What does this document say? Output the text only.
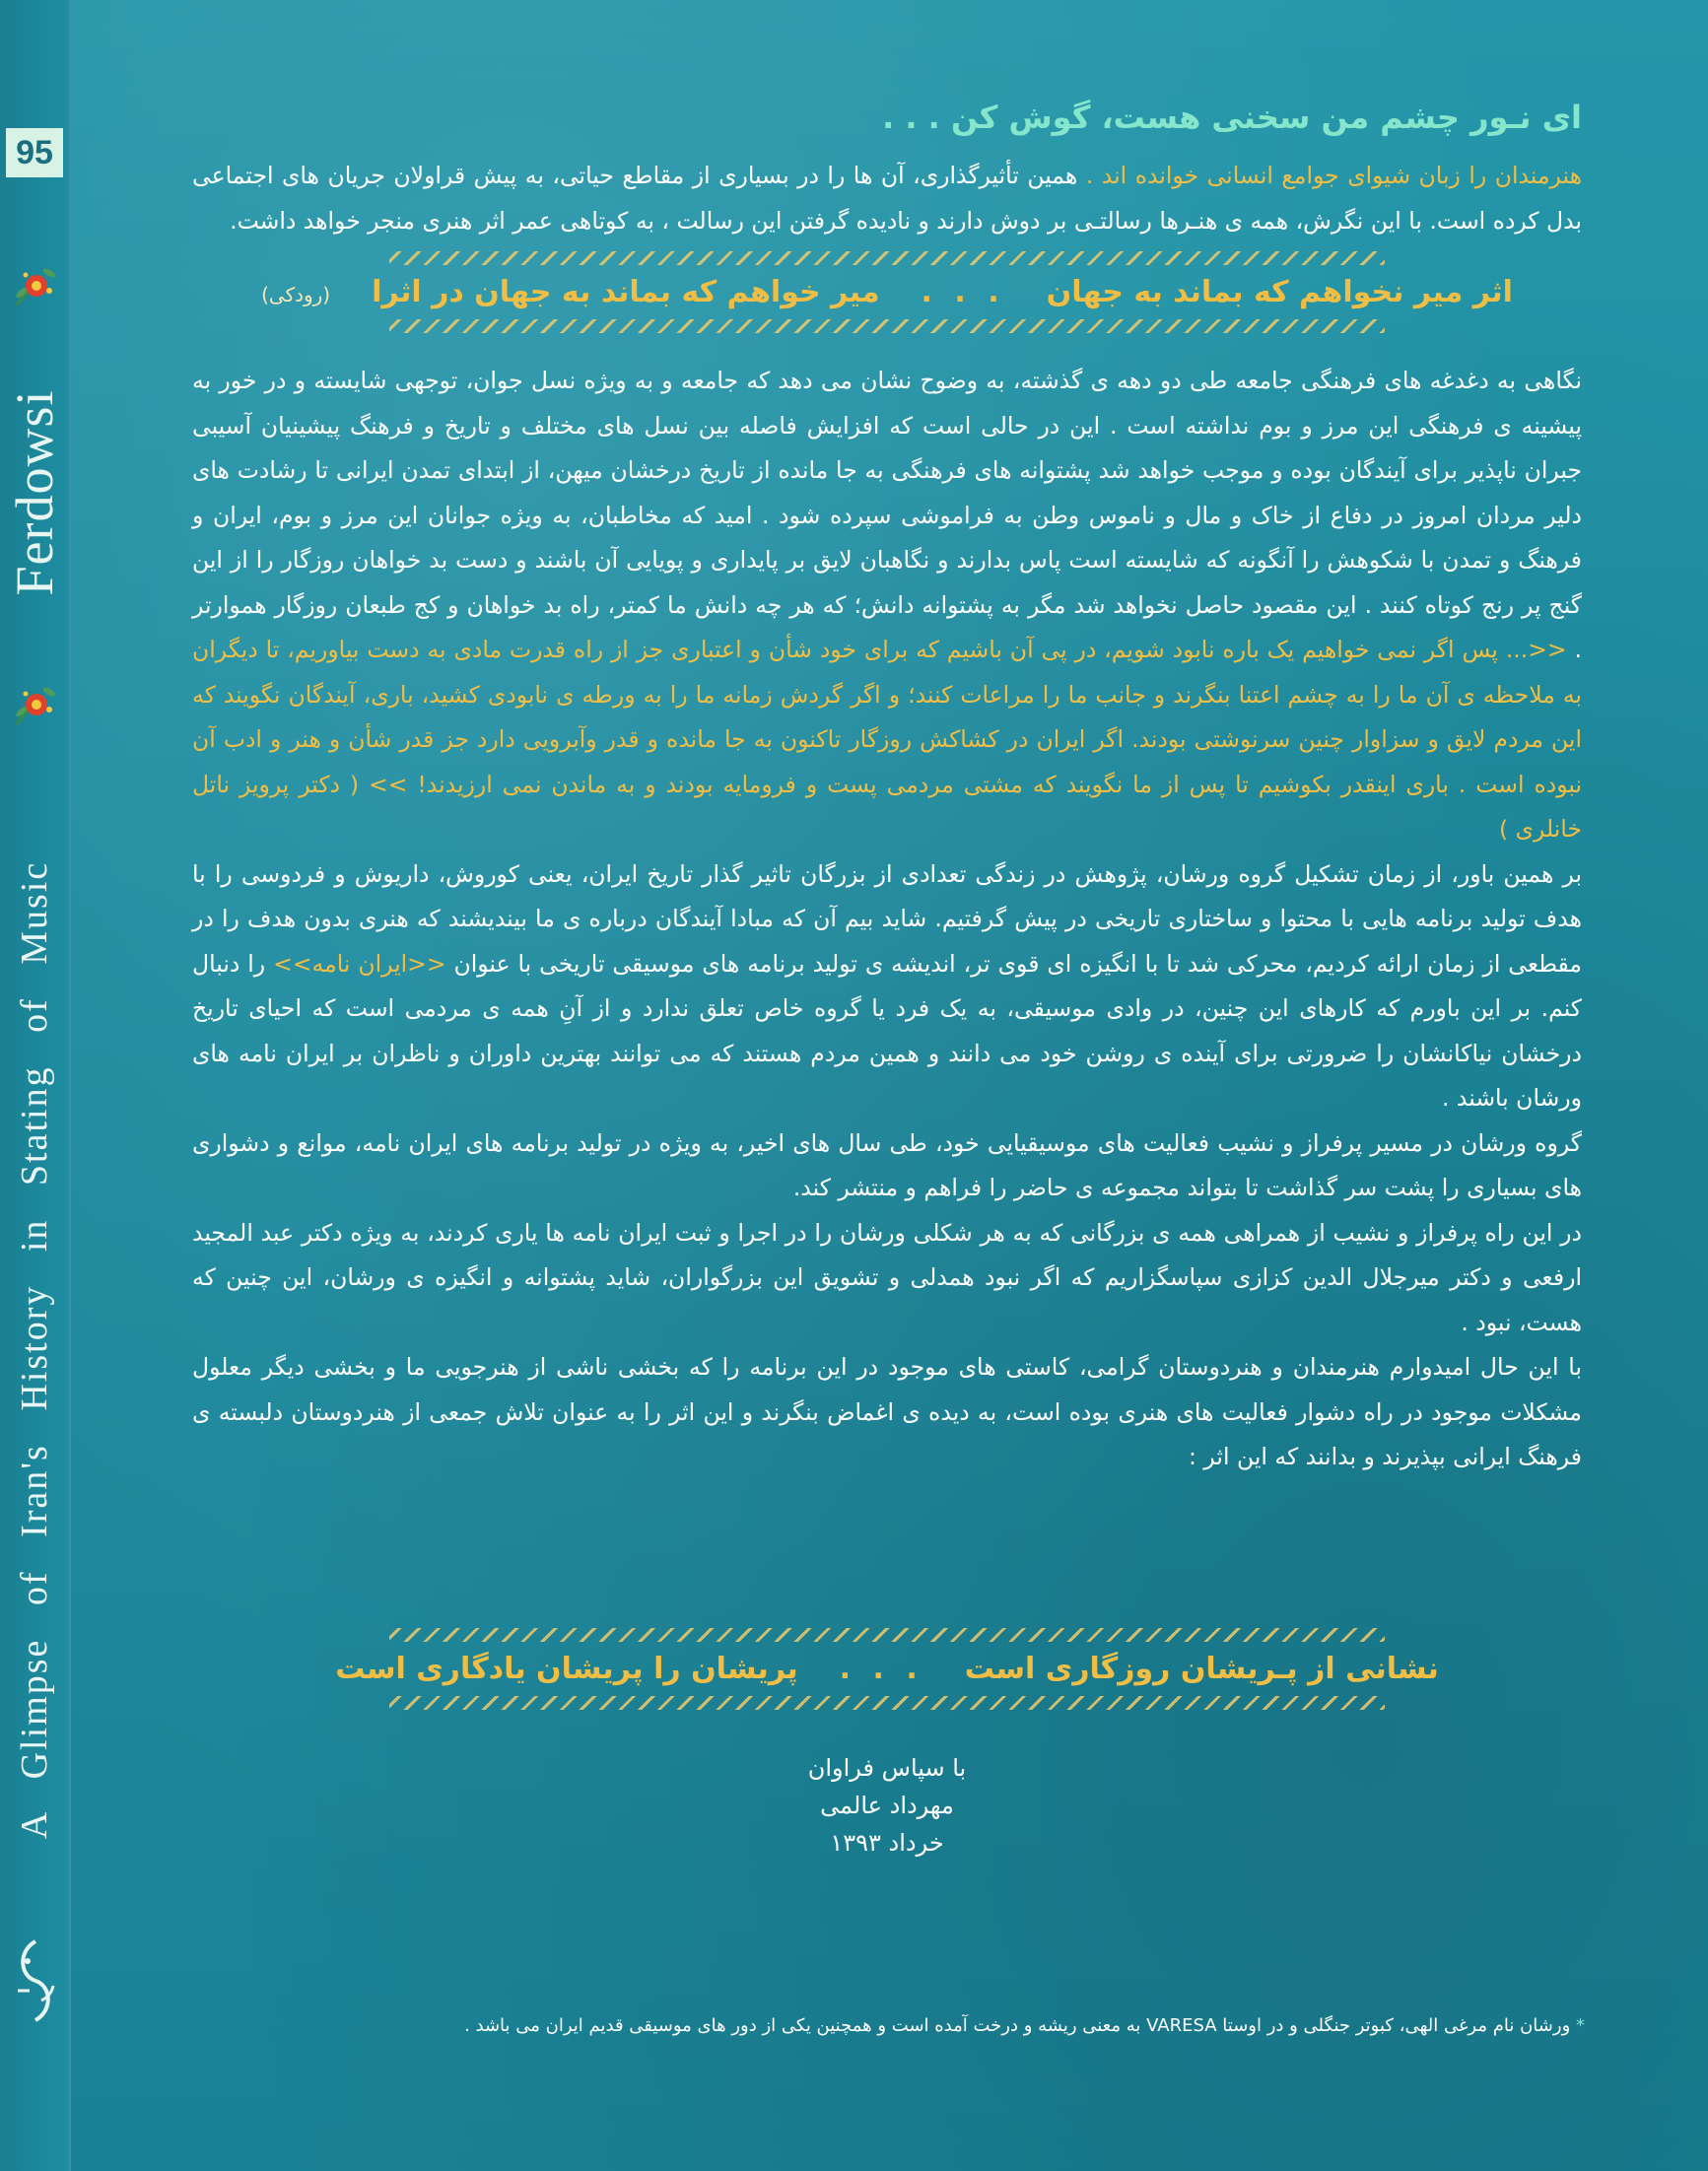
95
Ferdowsi
A Glimpse of Iran's History in Stating of Music

ای نـور چشم من سخنی هست، گوش کن . . .

هنرمندان را زبان شیوای جوامع انسانی خوانده اند . همین تأثیرگذاری، آن ها را در بسیاری از مقاطع حیاتی، به پیش قراولان جریان های اجتماعی بدل کرده است. با این نگرش، همه ی هنـرها رسالتـی بر دوش دارند و نادیده گرفتن این رسالت ، به کوتاهی عمر اثر هنری منجر خواهد داشت.

اثر میر نخواهم که بماند به جهان
. . .
میر خواهم که بماند به جهان در اثرا
(رودکی)

نگاهی به دغدغه های فرهنگی جامعه طی دو دهه ی گذشته، به وضوح نشان می دهد که جامعه و به ویژه نسل جوان، توجهی شایسته و در خور به پیشینه ی فرهنگی این مرز و بوم نداشته است . این در حالی است که افزایش فاصله بین نسل های مختلف و تاریخ و فرهنگ پیشینیان آسیبی جبران ناپذیر برای آیندگان بوده و موجب خواهد شد پشتوانه های فرهنگی به جا مانده از تاریخ درخشان میهن، از ابتدای تمدن ایرانی تا رشادت های دلیر مردان امروز در دفاع از خاک و مال و ناموس وطن به فراموشی سپرده شود . امید که مخاطبان، به ویژه جوانان این مرز و بوم، ایران و فرهنگ و تمدن با شکوهش را آنگونه که شایسته است پاس بدارند و نگاهبان لایق بر پایداری و پویایی آن باشند و دست بد خواهان روزگار را از این گنج پر رنج کوتاه کنند . این مقصود حاصل نخواهد شد مگر به پشتوانه دانش؛ که هر چه دانش ما کمتر، راه بد خواهان و کج طبعان روزگار هموارتر . <<... پس اگر نمی خواهیم یک باره نابود شویم، در پی آن باشیم که برای خود شأن و اعتباری جز از راه قدرت مادی به دست بیاوریم، تا دیگران به ملاحظه ی آن ما را به چشم اعتنا بنگرند و جانب ما را مراعات کنند؛ و اگر گردش زمانه ما را به ورطه ی نابودی کشید، باری، آیندگان نگویند که این مردم لایق و سزاوار چنین سرنوشتی بودند. اگر ایران در کشاکش روزگار تاکنون به جا مانده و قدر وآبرویی دارد جز قدر شأن و هنر و ادب آن نبوده است . باری اینقدر بکوشیم تا پس از ما نگویند که مشتی مردمی پست و فرومایه بودند و به ماندن نمی ارزیدند! >> ( دکتر پرویز ناتل خانلری )

بر همین باور، از زمان تشکیل گروه ورشان، پژوهش در زندگی تعدادی از بزرگان تاثیر گذار تاریخ ایران، یعنی کوروش، داریوش و فردوسی را با هدف تولید برنامه هایی با محتوا و ساختاری تاریخی در پیش گرفتیم. شاید بیم آن که مبادا آیندگان درباره ی ما بیندیشند که هنری بدون هدف را در مقطعی از زمان ارائه کردیم، محرکی شد تا با انگیزه ای قوی تر، اندیشه ی تولید برنامه های موسیقی تاریخی با عنوان <<ایران نامه>> را دنبال کنم. بر این باورم که کارهای این چنین، در وادی موسیقی، به یک فرد یا گروه خاص تعلق ندارد و از آنِ همه ی مردمی است که احیای تاریخ درخشان نیاکانشان را ضرورتی برای آینده ی روشن خود می دانند و همین مردم هستند که می توانند بهترین داوران و ناظران بر ایران نامه های ورشان باشند .

گروه ورشان در مسیر پرفراز و نشیب فعالیت های موسیقیایی خود، طی سال های اخیر، به ویژه در تولید برنامه های ایران نامه، موانع و دشواری های بسیاری را پشت سر گذاشت تا بتواند مجموعه ی حاضر را فراهم و منتشر کند.

در این راه پرفراز و نشیب از همراهی همه ی بزرگانی که به هر شکلی ورشان را در اجرا و ثبت ایران نامه ها یاری کردند، به ویژه دکتر عبد المجید ارفعی و دکتر میرجلال الدین کزازی سپاسگزاریم که اگر نبود همدلی و تشویق این بزرگواران، شاید پشتوانه و انگیزه ی ورشان، این چنین که هست، نبود .

با این حال امیدوارم هنرمندان و هنردوستان گرامی، کاستی های موجود در این برنامه را که بخشی ناشی از هنرجویی ما و بخشی دیگر معلول مشکلات موجود در راه دشوار فعالیت های هنری بوده است، به دیده ی اغماض بنگرند و این اثر را به عنوان تلاش جمعی از هنردوستان دلبسته ی فرهنگ ایرانی بپذیرند و بدانند که این اثر :

نشانی از پـریشان روزگاری است
. . .
پریشان را پریشان یادگاری است
با سپاس فراوان
مهرداد عالمی
خرداد ۱۳۹۳
* ورشان نام مرغی الهی، کبوتر جنگلی و در اوستا VARESA به معنی ریشه و درخت آمده است و همچنین یکی از دور های موسیقی قدیم ایران می باشد .
